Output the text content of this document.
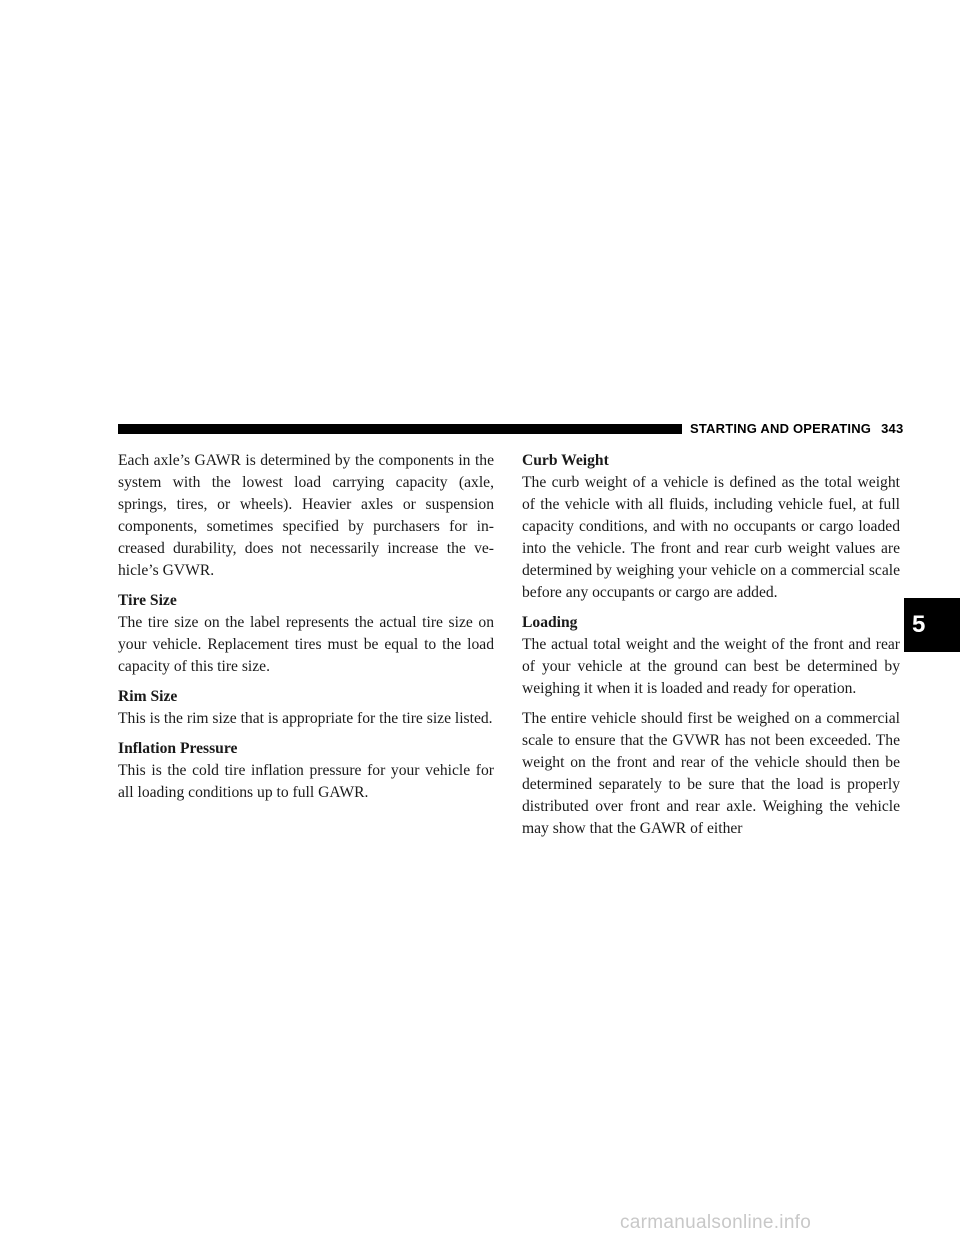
STARTING AND OPERATING 343

Each axle’s GAWR is determined by the components in the system with the lowest load carrying capacity (axle, springs, tires, or wheels). Heavier axles or suspension components, sometimes specified by purchasers for increased durability, does not necessarily increase the vehicle’s GVWR.

Tire Size

The tire size on the label represents the actual tire size on your vehicle. Replacement tires must be equal to the load capacity of this tire size.

Rim Size

This is the rim size that is appropriate for the tire size listed.

Inflation Pressure

This is the cold tire inflation pressure for your vehicle for all loading conditions up to full GAWR.

Curb Weight

The curb weight of a vehicle is defined as the total weight of the vehicle with all fluids, including vehicle fuel, at full capacity conditions, and with no occupants or cargo loaded into the vehicle. The front and rear curb weight values are determined by weighing your vehicle on a commercial scale before any occupants or cargo are added.

Loading

The actual total weight and the weight of the front and rear of your vehicle at the ground can best be determined by weighing it when it is loaded and ready for operation.

The entire vehicle should first be weighed on a commercial scale to ensure that the GVWR has not been exceeded. The weight on the front and rear of the vehicle should then be determined separately to be sure that the load is properly distributed over front and rear axle. Weighing the vehicle may show that the GAWR of either

5
carmanualsonline.info
